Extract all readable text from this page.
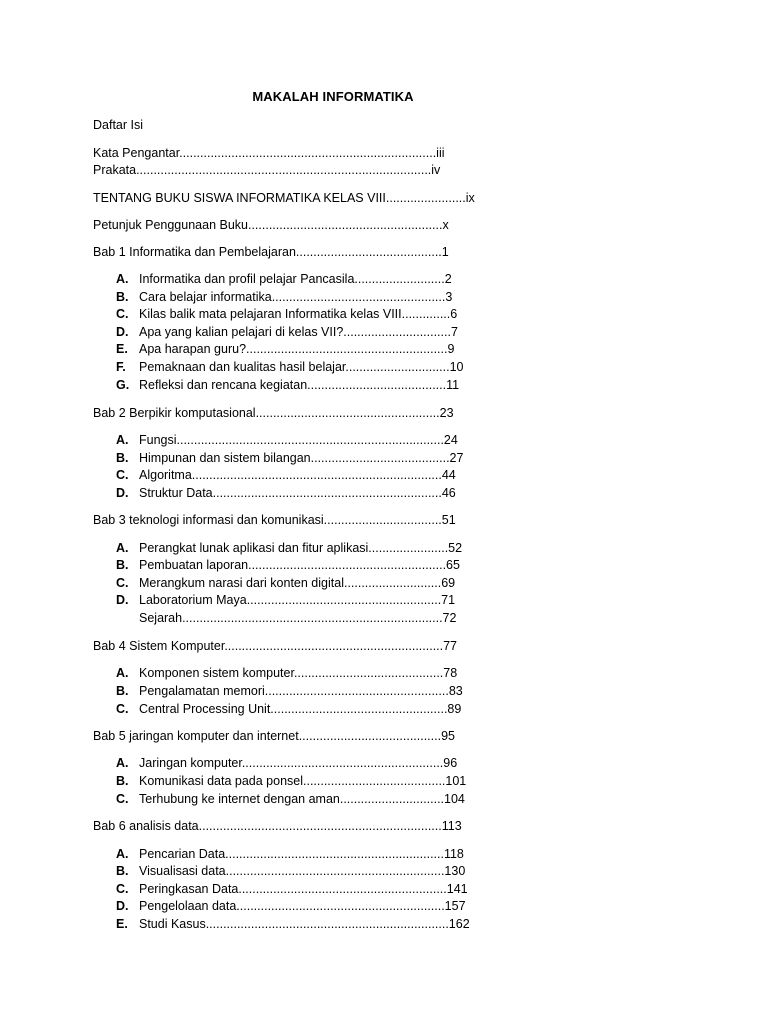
MAKALAH INFORMATIKA
Daftar Isi
Kata Pengantar..........................................................................iii
Prakata.....................................................................................iv
TENTANG BUKU SISWA INFORMATIKA KELAS VIII.......................ix
Petunjuk Penggunaan Buku........................................................x
Bab 1 Informatika dan Pembelajaran..........................................1
A. Informatika dan profil pelajar Pancasila..........................2
B. Cara belajar informatika..................................................3
C. Kilas balik mata pelajaran Informatika kelas VIII..............6
D. Apa yang kalian pelajari di kelas VII?...............................7
E. Apa harapan guru?..........................................................9
F. Pemaknaan dan kualitas hasil belajar..............................10
G. Refleksi dan rencana kegiatan........................................11
Bab 2 Berpikir komputasional.....................................................23
A. Fungsi.............................................................................24
B. Himpunan dan sistem bilangan........................................27
C. Algoritma........................................................................44
D. Struktur Data..................................................................46
Bab 3 teknologi informasi dan komunikasi..................................51
A. Perangkat lunak aplikasi dan fitur aplikasi.......................52
B. Pembuatan laporan.........................................................65
C. Merangkum narasi dari konten digital............................69
D. Laboratorium Maya........................................................71
Sejarah...........................................................................72
Bab 4 Sistem Komputer...............................................................77
A. Komponen sistem komputer...........................................78
B. Pengalamatan memori.....................................................83
C. Central Processing Unit...................................................89
Bab 5 jaringan komputer dan internet.........................................95
A. Jaringan komputer..........................................................96
B. Komunikasi data pada ponsel.........................................101
C. Terhubung ke internet dengan aman..............................104
Bab 6 analisis data......................................................................113
A. Pencarian Data...............................................................118
B. Visualisasi data...............................................................130
C. Peringkasan Data............................................................141
D. Pengelolaan data............................................................157
E. Studi Kasus......................................................................162
